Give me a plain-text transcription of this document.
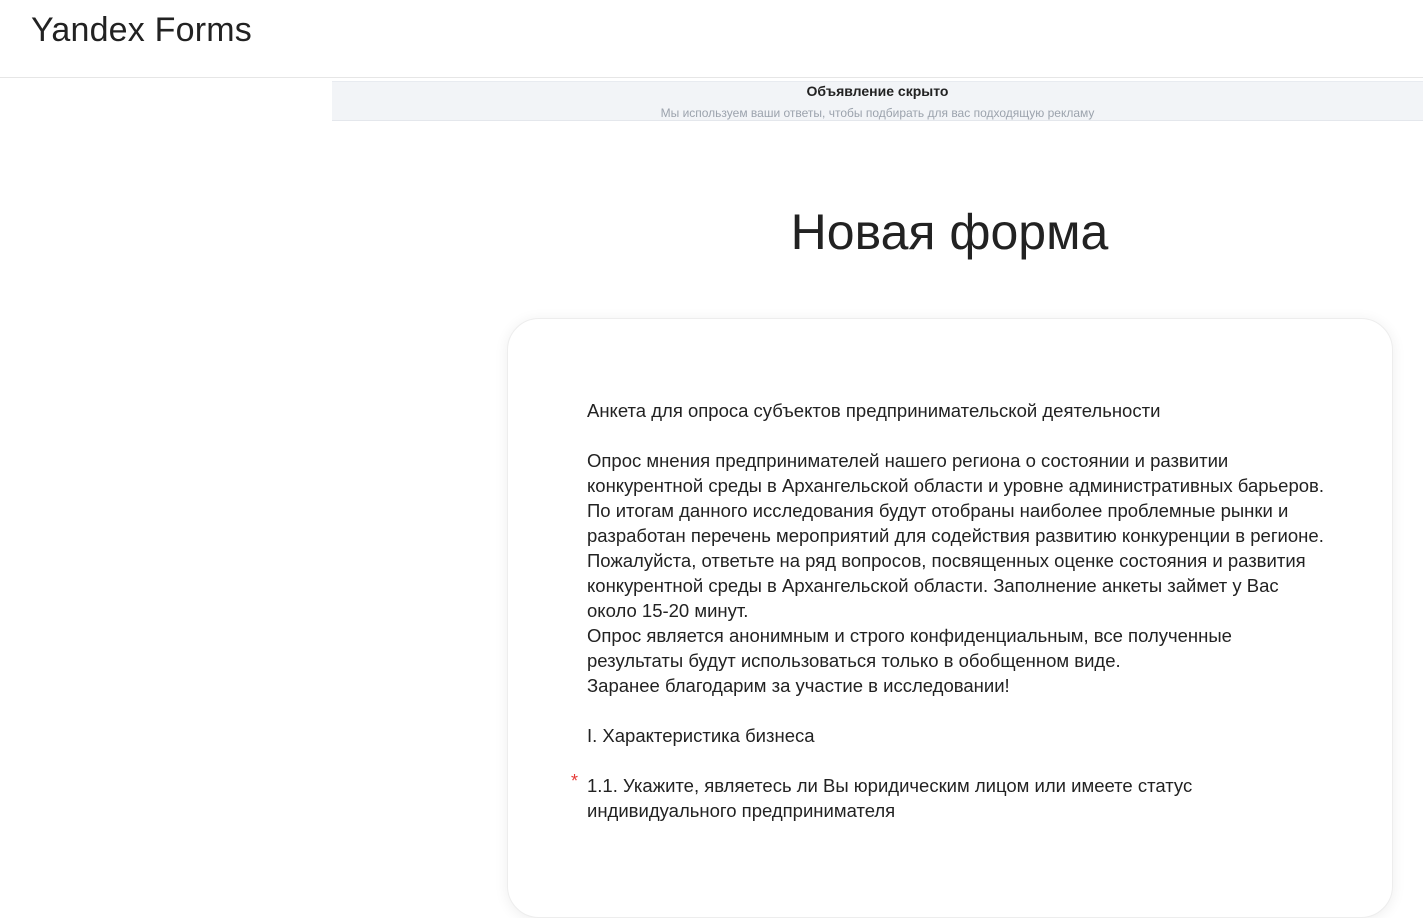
Yandex Forms
Объявление скрыто
Мы используем ваши ответы, чтобы подбирать для вас подходящую рекламу
Новая форма

Анкета для опроса субъектов предпринимательской деятельности

Опрос мнения предпринимателей нашего региона о состоянии и развитии конкурентной среды в Архангельской области и уровне административных барьеров.

По итогам данного исследования будут отобраны наиболее проблемные рынки и разработан перечень мероприятий для содействия развитию конкуренции в регионе.

Пожалуйста, ответьте на ряд вопросов, посвященных оценке состояния и развития конкурентной среды в Архангельской области. Заполнение анкеты займет у Вас около 15-20 минут.

Опрос является анонимным и строго конфиденциальным, все полученные результаты будут использоваться только в обобщенном виде.

Заранее благодарим за участие в исследовании!

I. Характеристика бизнеса

* 1.1. Укажите, являетесь ли Вы юридическим лицом или имеете статус индивидуального предпринимателя
